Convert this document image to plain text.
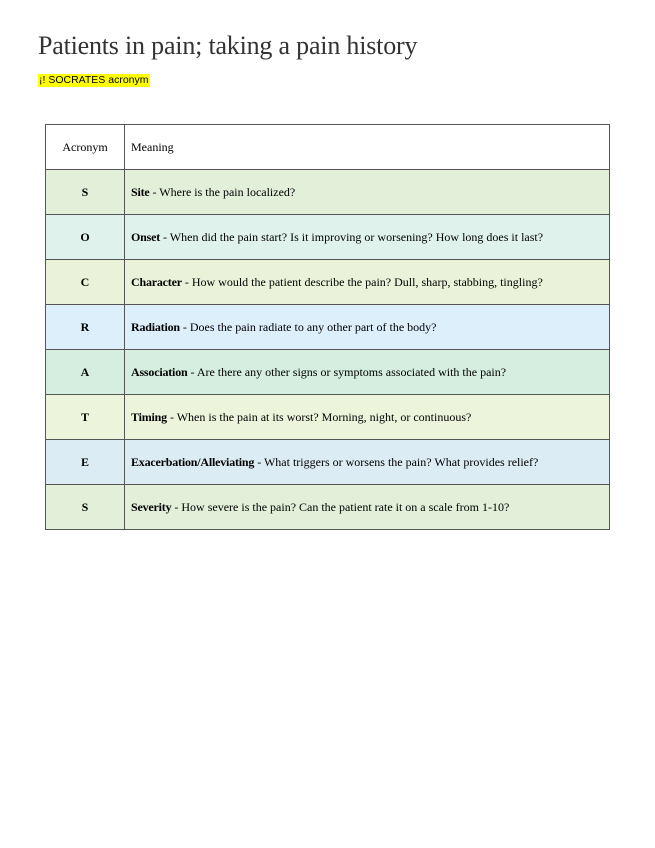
Patients in pain; taking a pain history
¡! SOCRATES acronym
Acronym	Meaning
S	Site - Where is the pain localized?
O	Onset - When did the pain start? Is it improving or worsening? How long does it last?
C	Character - How would the patient describe the pain? Dull, sharp, stabbing, tingling?
R	Radiation - Does the pain radiate to any other part of the body?
A	Association - Are there any other signs or symptoms associated with the pain?
T	Timing - When is the pain at its worst? Morning, night, or continuous?
E	Exacerbation/Alleviating - What triggers or worsens the pain? What provides relief?
S	Severity - How severe is the pain? Can the patient rate it on a scale from 1-10?
